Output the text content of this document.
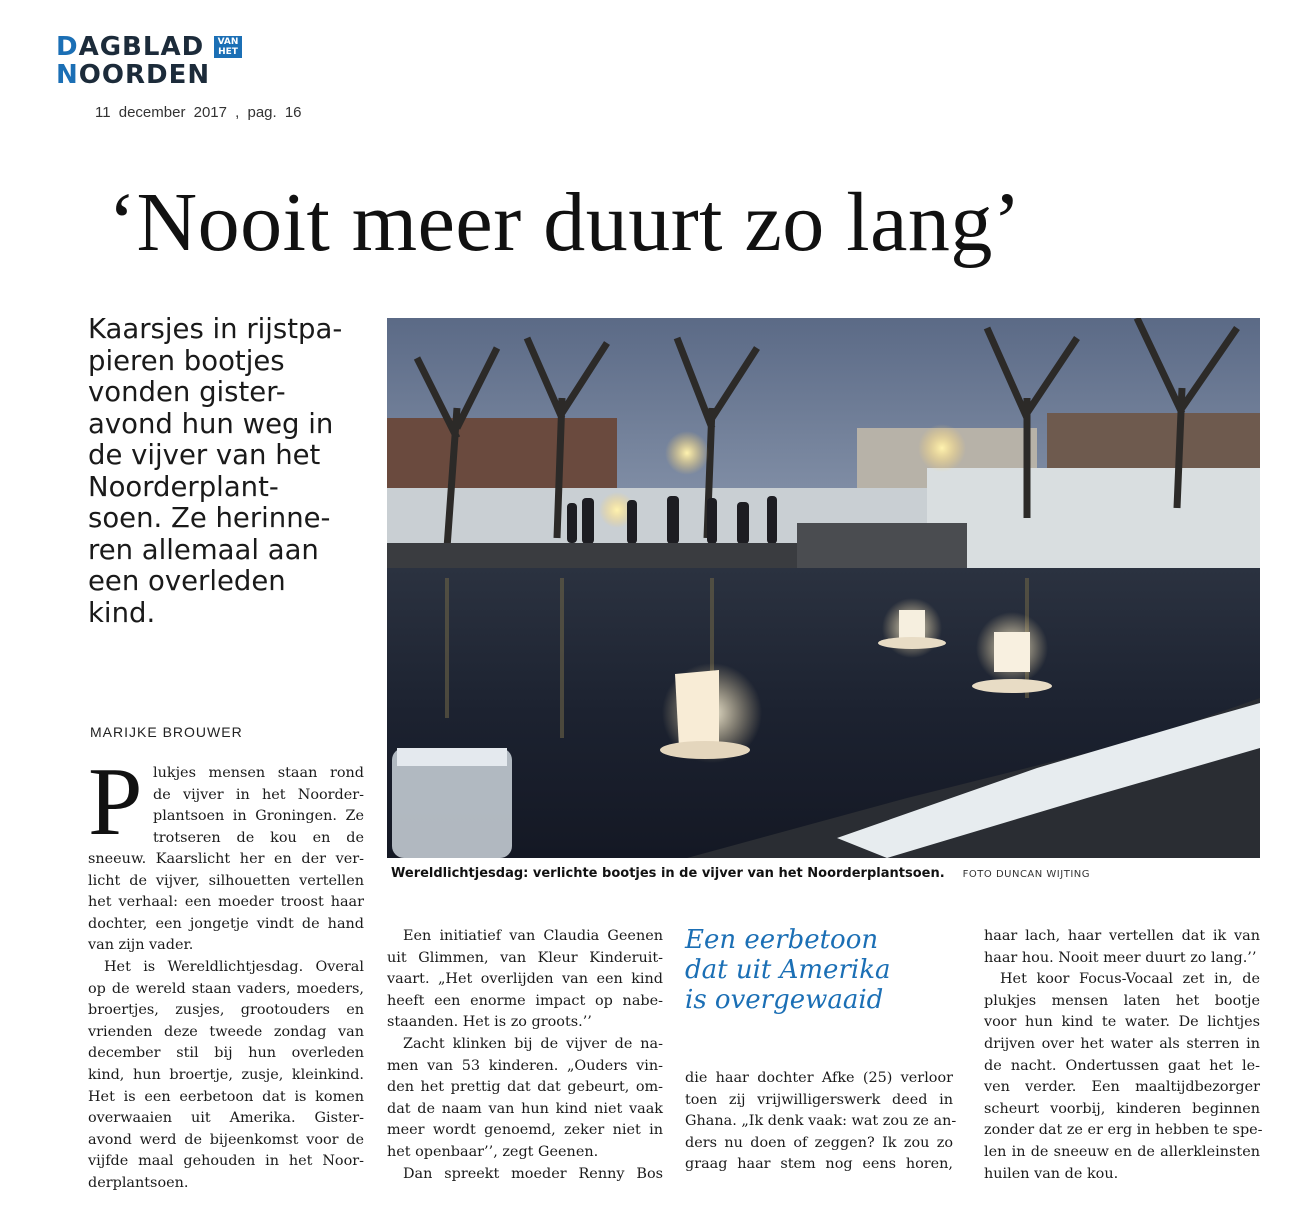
DAGBLAD
NOORDEN
VAN
HET
11 december 2017 , pag. 16
‘Nooit meer duurt zo lang’
Kaarsjes in rijstpa-
pieren bootjes
vonden gister-
avond hun weg in
de vijver van het
Noorderplant-
soen. Ze herinne-
ren allemaal aan
een overleden
kind.
MARIJKE BROUWER
Wereldlichtjesdag: verlichte bootjes in de vijver van het Noorderplantsoen. FOTO DUNCAN WIJTING
P lukjes mensen staan rond
de vijver in het Noorder-
plantsoen in Groningen. Ze
trotseren de kou en de
sneeuw. Kaarslicht her en der ver-
licht de vijver, silhouetten vertellen
het verhaal: een moeder troost haar
dochter, een jongetje vindt de hand
van zijn vader.
Het is Wereldlichtjesdag. Overal
op de wereld staan vaders, moeders,
broertjes, zusjes, grootouders en
vrienden deze tweede zondag van
december stil bij hun overleden
kind, hun broertje, zusje, kleinkind.
Het is een eerbetoon dat is komen
overwaaien uit Amerika. Gister-
avond werd de bijeenkomst voor de
vijfde maal gehouden in het Noor-
derplantsoen.
Een initiatief van Claudia Geenen
uit Glimmen, van Kleur Kinderuit-
vaart. „Het overlijden van een kind
heeft een enorme impact op nabe-
staanden. Het is zo groots.’’
Zacht klinken bij de vijver de na-
men van 53 kinderen. „Ouders vin-
den het prettig dat dat gebeurt, om-
dat de naam van hun kind niet vaak
meer wordt genoemd, zeker niet in
het openbaar’’, zegt Geenen.
Dan spreekt moeder Renny Bos
Een eerbetoon
dat uit Amerika
is overgewaaid
die haar dochter Afke (25) verloor
toen zij vrijwilligerswerk deed in
Ghana. „Ik denk vaak: wat zou ze an-
ders nu doen of zeggen? Ik zou zo
graag haar stem nog eens horen,
haar lach, haar vertellen dat ik van
haar hou. Nooit meer duurt zo lang.’’
Het koor Focus-Vocaal zet in, de
plukjes mensen laten het bootje
voor hun kind te water. De lichtjes
drijven over het water als sterren in
de nacht. Ondertussen gaat het le-
ven verder. Een maaltijdbezorger
scheurt voorbij, kinderen beginnen
zonder dat ze er erg in hebben te spe-
len in de sneeuw en de allerkleinsten
huilen van de kou.
